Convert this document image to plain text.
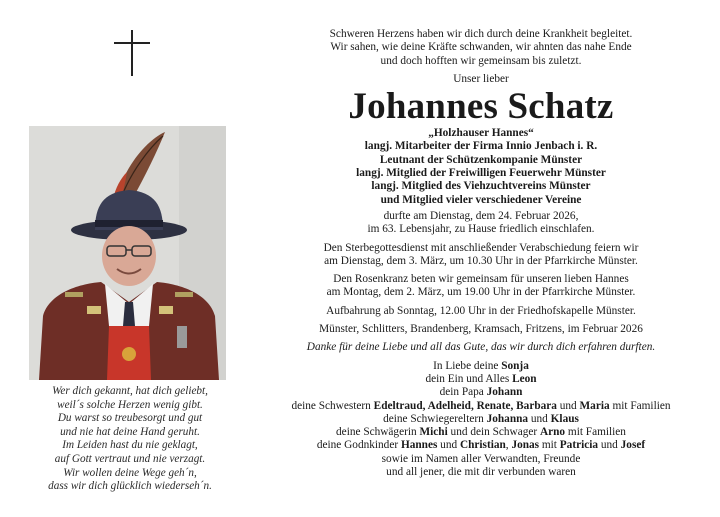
Wer dich gekannt, hat dich geliebt,
weil´s solche Herzen wenig gibt.
Du warst so treubesorgt und gut
und nie hat deine Hand geruht.
Im Leiden hast du nie geklagt,
auf Gott vertraut und nie verzagt.
Wir wollen deine Wege geh´n,
dass wir dich glücklich wiederseh´n.
Schweren Herzens haben wir dich durch deine Krankheit begleitet.
Wir sahen, wie deine Kräfte schwanden, wir ahnten das nahe Ende
und doch hofften wir gemeinsam bis zuletzt.
Unser lieber
Johannes Schatz
„Holzhauser Hannes“
langj. Mitarbeiter der Firma Innio Jenbach i. R.
Leutnant der Schützenkompanie Münster
langj. Mitglied der Freiwilligen Feuerwehr Münster
langj. Mitglied des Viehzuchtvereins Münster
und Mitglied vieler verschiedener Vereine
durfte am Dienstag, dem 24. Februar 2026,
im 63. Lebensjahr, zu Hause friedlich einschlafen.
Den Sterbegottesdienst mit anschließender Verabschiedung feiern wir
am Dienstag, dem 3. März, um 10.30 Uhr in der Pfarrkirche Münster.
Den Rosenkranz beten wir gemeinsam für unseren lieben Hannes
am Montag, dem 2. März, um 19.00 Uhr in der Pfarrkirche Münster.
Aufbahrung ab Sonntag, 12.00 Uhr in der Friedhofskapelle Münster.
Münster, Schlitters, Brandenberg, Kramsach, Fritzens, im Februar 2026
Danke für deine Liebe und all das Gute, das wir durch dich erfahren durften.
In Liebe deine Sonja
dein Ein und Alles Leon
dein Papa Johann
deine Schwestern Edeltraud, Adelheid, Renate, Barbara und Maria mit Familien
deine Schwiegereltern Johanna und Klaus
deine Schwägerin Michi und dein Schwager Arno mit Familien
deine Godnkinder Hannes und Christian, Jonas mit Patricia und Josef
sowie im Namen aller Verwandten, Freunde
und all jener, die mit dir verbunden waren
